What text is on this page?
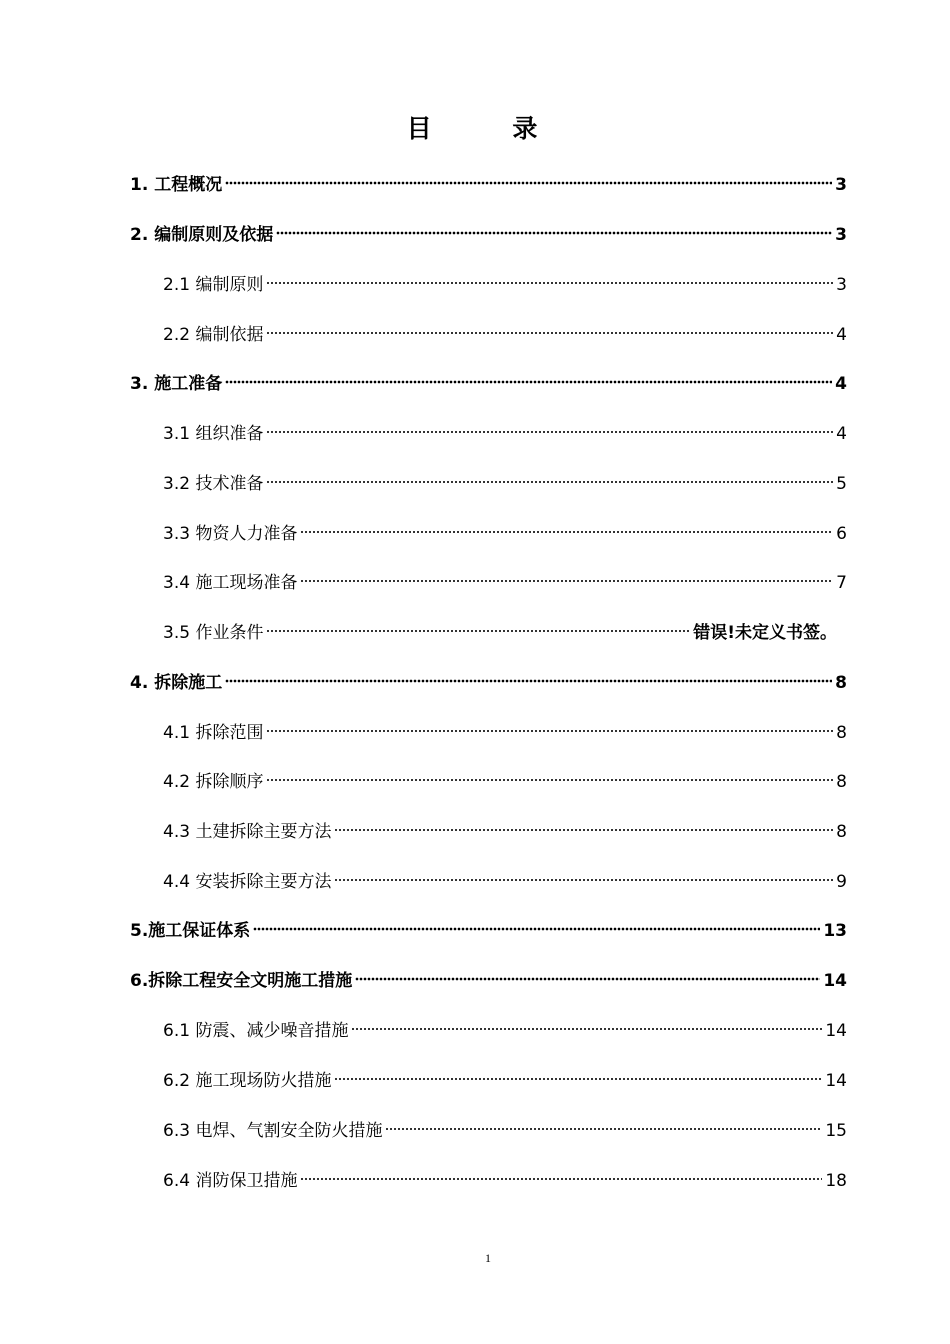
目 录
1. 工程概况	3
2. 编制原则及依据	3
2.1 编制原则	3
2.2 编制依据	4
3. 施工准备	4
3.1 组织准备	4
3.2 技术准备	5
3.3 物资人力准备	6
3.4 施工现场准备	7
3.5 作业条件	错误!未定义书签。
4. 拆除施工	8
4.1 拆除范围	8
4.2 拆除顺序	8
4.3 土建拆除主要方法	8
4.4 安装拆除主要方法	9
5.施工保证体系	13
6.拆除工程安全文明施工措施	14
6.1 防震、减少噪音措施	14
6.2 施工现场防火措施	14
6.3 电焊、气割安全防火措施	15
6.4 消防保卫措施	18
1
